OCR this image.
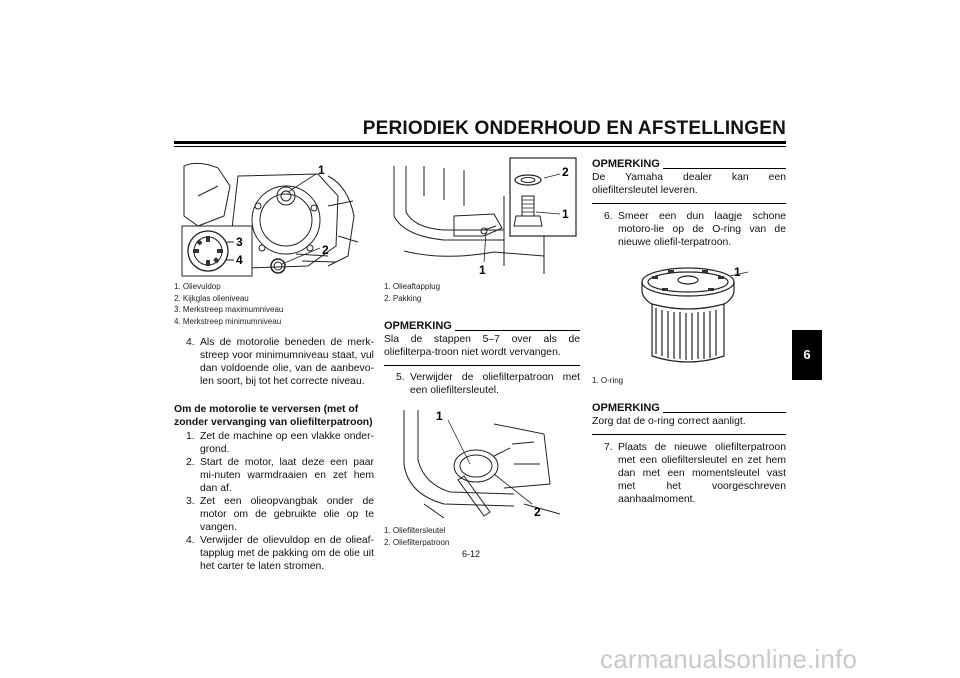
PERIODIEK ONDERHOUD EN AFSTELLINGEN
6
1
2
3
4
1. Olievuldop
2. Kijkglas olieniveau
3. Merkstreep maximumniveau
4. Merkstreep minimumniveau
4. Als de motorolie beneden de merk-streep voor minimumniveau staat, vul dan voldoende olie, van de aanbevo-len soort, bij tot het correcte niveau.
Om de motorolie te verversen (met of zonder vervanging van oliefilterpatroon)
1. Zet de machine op een vlakke onder-grond.
2. Start de motor, laat deze een paar mi-nuten warmdraaien en zet hem dan af.
3. Zet een olieopvangbak onder de motor om de gebruikte olie op te vangen.
4. Verwijder de olievuldop en de olieaf-tapplug met de pakking om de olie uit het carter te laten stromen.
2
1
1
1. Olieaftapplug
2. Pakking
OPMERKING
Sla de stappen 5–7 over als de oliefilterpa-troon niet wordt vervangen.
5. Verwijder de oliefilterpatroon met een oliefiltersleutel.
1
2
1. Oliefiltersleutel
2. Oliefilterpatroon
OPMERKING
De Yamaha dealer kan een oliefiltersleutel leveren.
6. Smeer een dun laagje schone motoro-lie op de O-ring van de nieuwe oliefil-terpatroon.
1
1. O-ring
OPMERKING
Zorg dat de o-ring correct aanligt.
7. Plaats de nieuwe oliefilterpatroon met een oliefiltersleutel en zet hem dan met een momentsleutel vast met het voorgeschreven aanhaalmoment.
6-12
carmanualsonline.info
